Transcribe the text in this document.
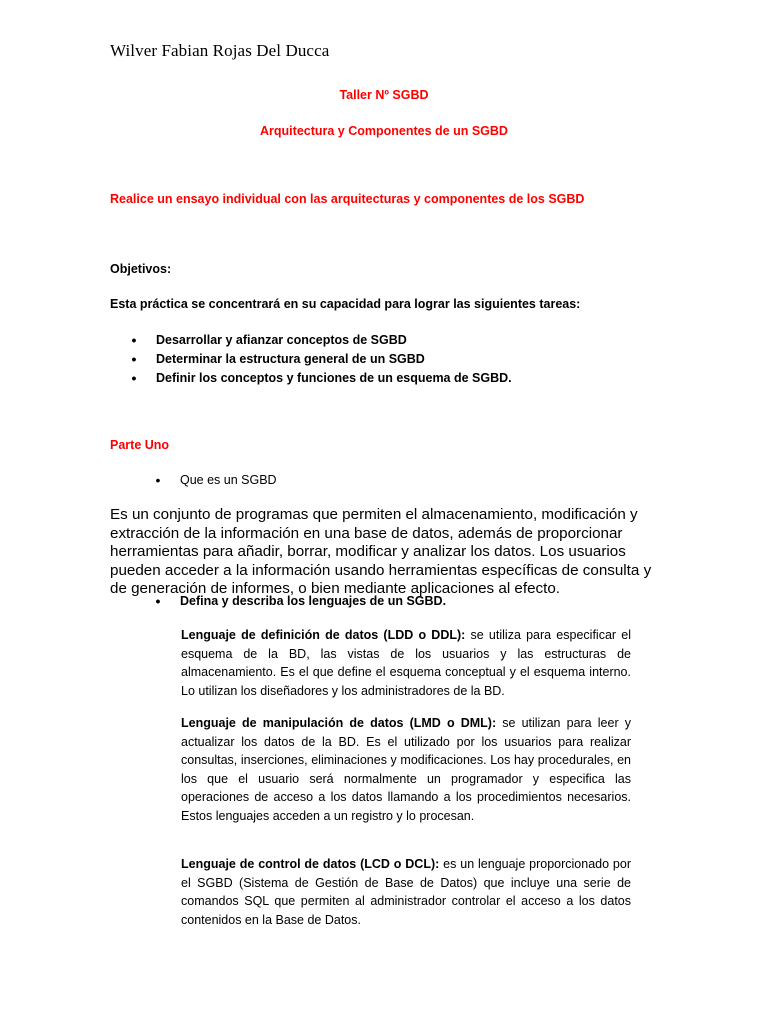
Wilver Fabian Rojas Del Ducca

Taller Nº SGBD

Arquitectura y Componentes de un SGBD

Realice un ensayo individual con las arquitecturas y componentes de los SGBD

Objetivos:

Esta práctica se concentrará en su capacidad para lograr las siguientes tareas:

• Desarrollar y afianzar conceptos de SGBD
• Determinar la estructura general de un SGBD
• Definir los conceptos y funciones de un esquema de SGBD.

Parte Uno

• Que es un SGBD

Es un conjunto de programas que permiten el almacenamiento, modificación y extracción de la información en una base de datos, además de proporcionar herramientas para añadir, borrar, modificar y analizar los datos. Los usuarios pueden acceder a la información usando herramientas específicas de consulta y de generación de informes, o bien mediante aplicaciones al efecto.

• Defina y describa los lenguajes de un SGBD.

Lenguaje de definición de datos (LDD o DDL): se utiliza para especificar el esquema de la BD, las vistas de los usuarios y las estructuras de almacenamiento. Es el que define el esquema conceptual y el esquema interno. Lo utilizan los diseñadores y los administradores de la BD.

Lenguaje de manipulación de datos (LMD o DML): se utilizan para leer y actualizar los datos de la BD. Es el utilizado por los usuarios para realizar consultas, inserciones, eliminaciones y modificaciones. Los hay procedurales, en los que el usuario será normalmente un programador y especifica las operaciones de acceso a los datos llamando a los procedimientos necesarios. Estos lenguajes acceden a un registro y lo procesan.

Lenguaje de control de datos (LCD o DCL): es un lenguaje proporcionado por el SGBD (Sistema de Gestión de Base de Datos) que incluye una serie de comandos SQL que permiten al administrador controlar el acceso a los datos contenidos en la Base de Datos.
